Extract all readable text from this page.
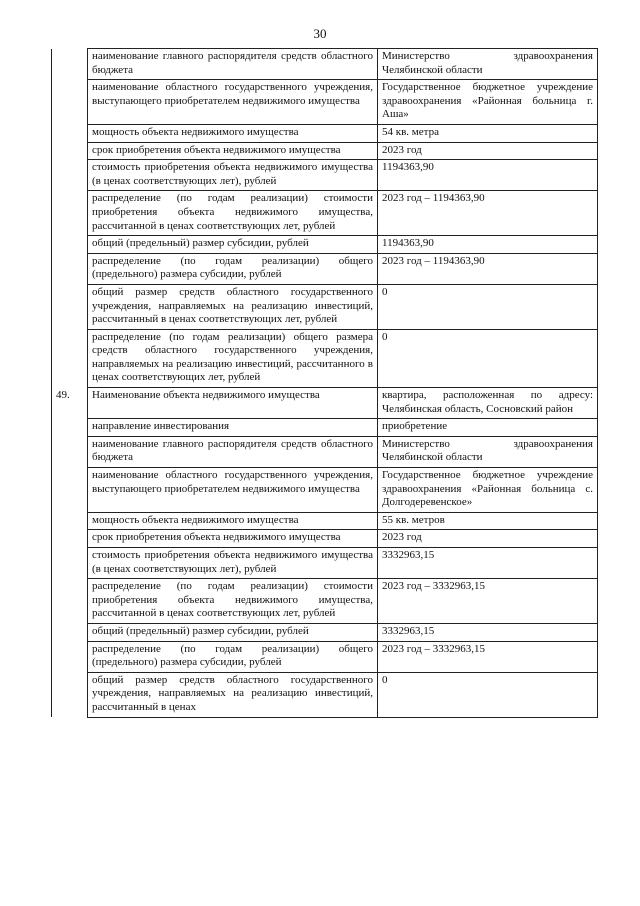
30
	наименование главного распорядителя средств областного бюджета	Министерство здравоохранения Челябинской области
	наименование областного государственного учреждения, выступающего приобретателем недвижимого имущества	Государственное бюджетное учреждение здравоохранения «Районная больница г. Аша»
	мощность объекта недвижимого имущества	54 кв. метра
	срок приобретения объекта недвижимого имущества	2023 год
	стоимость приобретения объекта недвижимого имущества (в ценах соответствующих лет), рублей	1194363,90
	распределение (по годам реализации) стоимости приобретения объекта недвижимого имущества, рассчитанной в ценах соответствующих лет, рублей	2023 год – 1194363,90
	общий (предельный) размер субсидии, рублей	1194363,90
	распределение (по годам реализации) общего (предельного) размера субсидии, рублей	2023 год – 1194363,90
	общий размер средств областного государственного учреждения, направляемых на реализацию инвестиций, рассчитанный в ценах соответствующих лет, рублей	0
	распределение (по годам реализации) общего размера средств областного государственного учреждения, направляемых на реализацию инвестиций, рассчитанного в ценах соответствующих лет, рублей	0
49.	Наименование объекта недвижимого имущества	квартира, расположенная по адресу: Челябинская область, Сосновский район
	направление инвестирования	приобретение
	наименование главного распорядителя средств областного бюджета	Министерство здравоохранения Челябинской области
	наименование областного государственного учреждения, выступающего приобретателем недвижимого имущества	Государственное бюджетное учреждение здравоохранения «Районная больница с. Долгодеревенское»
	мощность объекта недвижимого имущества	55 кв. метров
	срок приобретения объекта недвижимого имущества	2023 год
	стоимость приобретения объекта недвижимого имущества (в ценах соответствующих лет), рублей	3332963,15
	распределение (по годам реализации) стоимости приобретения объекта недвижимого имущества, рассчитанной в ценах соответствующих лет, рублей	2023 год – 3332963,15
	общий (предельный) размер субсидии, рублей	3332963,15
	распределение (по годам реализации) общего (предельного) размера субсидии, рублей	2023 год – 3332963,15
	общий размер средств областного государственного учреждения, направляемых на реализацию инвестиций, рассчитанный в ценах	0
